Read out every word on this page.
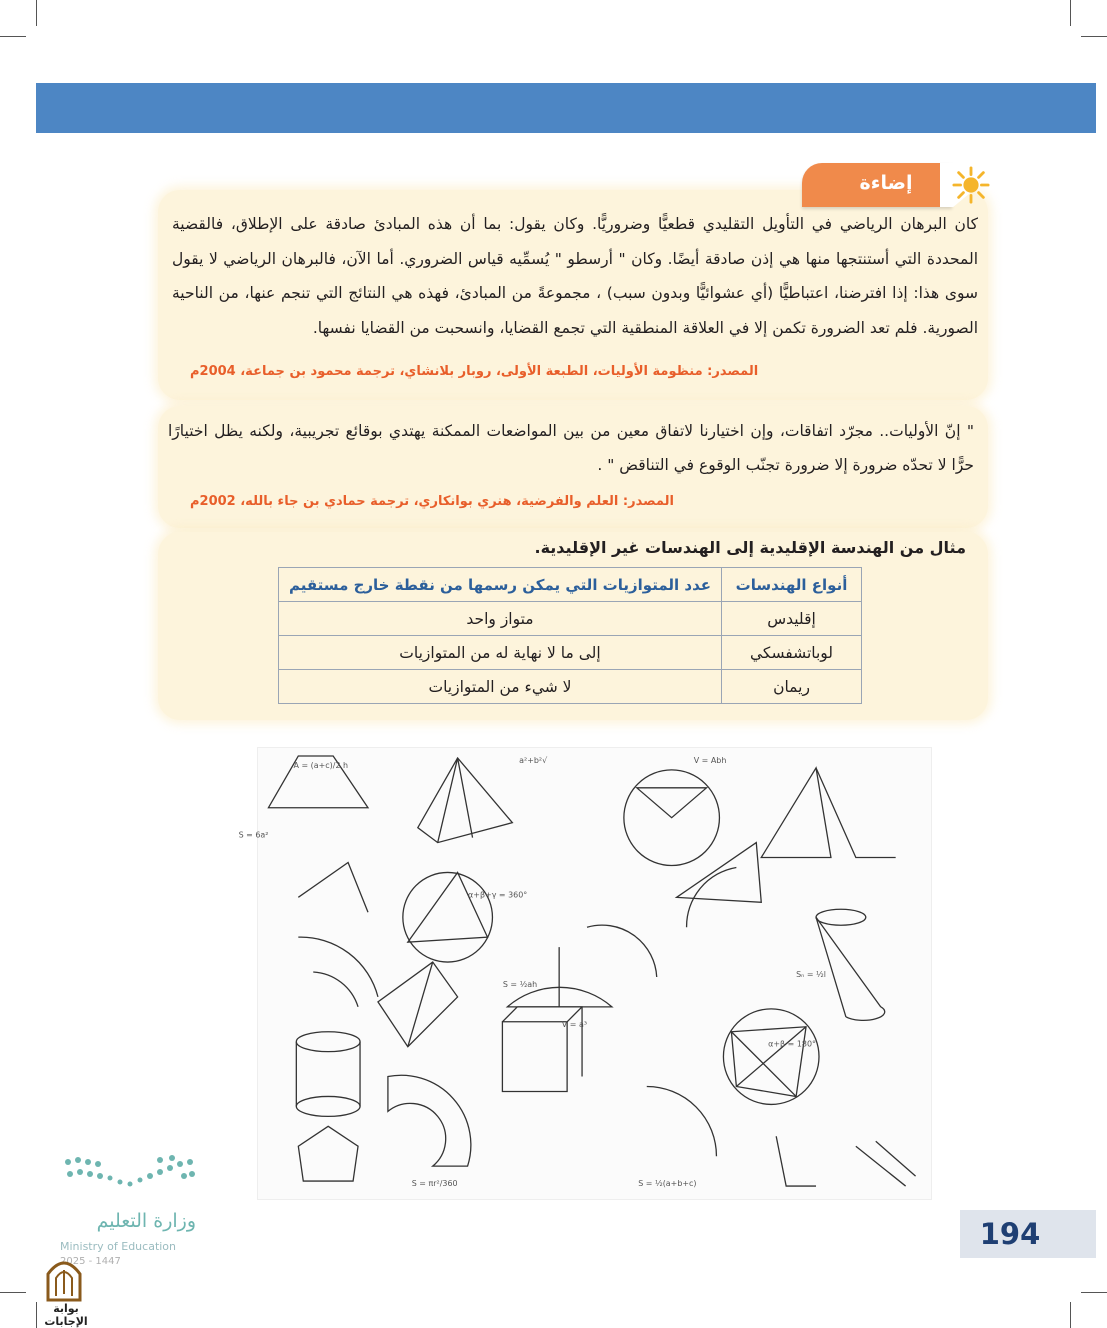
إضاءة

كان البرهان الرياضي في التأويل التقليدي قطعيًّا وضروريًّا. وكان يقول: بما أن هذه المبادئ صادقة على الإطلاق، فالقضية المحددة التي أستنتجها منها هي إذن صادقة أيضًا. وكان " أرسطو " يُسمِّيه قياس الضروري. أما الآن، فالبرهان الرياضي لا يقول سوى هذا: إذا افترضنا، اعتباطيًّا (أي عشوائيًّا وبدون سبب) ، مجموعةً من المبادئ، فهذه هي النتائج التي تنجم عنها، من الناحية الصورية. فلم تعد الضرورة تكمن إلا في العلاقة المنطقية التي تجمع القضايا، وانسحبت من القضايا نفسها.

المصدر: منظومة الأوليات، الطبعة الأولى، روبار بلانشاي، ترجمة محمود بن جماعة، 2004م

" إنّ الأوليات.. مجرّد اتفاقات، وإن اختيارنا لاتفاق معين من بين المواضعات الممكنة يهتدي بوقائع تجريبية، ولكنه يظل اختيارًا حرًّا لا تحدّه ضرورة إلا ضرورة تجنّب الوقوع في التناقض " .

المصدر: العلم والفرضية، هنري بوانكاري، ترجمة حمادي بن جاء بالله، 2002م
مثال من الهندسة الإقليدية إلى الهندسات غير الإقليدية.
أنواع الهندسات	عدد المتوازيات التي يمكن رسمها من نقطة خارج مستقيم
إقليدس	متواز واحد
لوباتشفسكي	إلى ما لا نهاية له من المتوازيات
ريمان	لا شيء من المتوازيات
A = (a+c)/2 h
√a²+b²	V = Abh
α+β+γ = 360°
S = 6a²
S = ½ah
Sₙ = ½l
V = a³
α+β = 180°
S = πr²/360	S = ½(a+b+c)
194
وزارة التعليم
Ministry of Education
2025 - 1447
بوابة الإجابات
